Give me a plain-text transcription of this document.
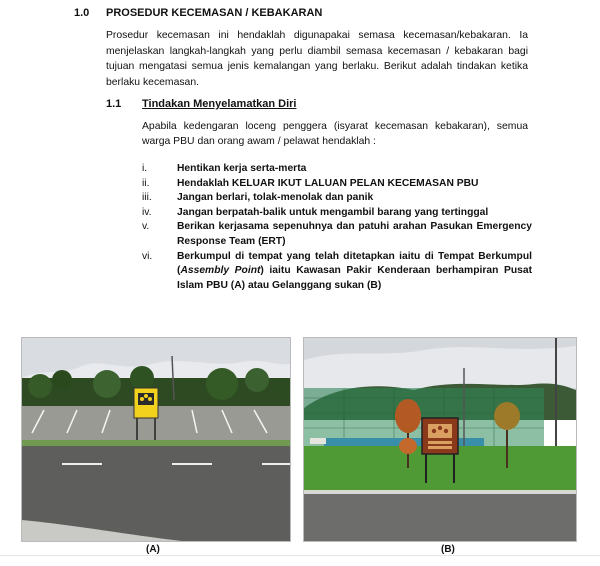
1.0 PROSEDUR KECEMASAN / KEBAKARAN

Prosedur kecemasan ini hendaklah digunapakai semasa kecemasan/kebakaran. Ia menjelaskan langkah-langkah yang perlu diambil semasa kecemasan / kebakaran bagi tujuan mengatasi semua jenis kemalangan yang berlaku. Berikut adalah tindakan ketika berlaku kecemasan.

1.1 Tindakan Menyelamatkan Diri

Apabila kedengaran loceng penggera (isyarat kecemasan kebakaran), semua warga PBU dan orang awam / pelawat hendaklah :

i.	Hentikan kerja serta-merta
ii.	Hendaklah KELUAR IKUT LALUAN PELAN KECEMASAN PBU
iii. Jangan berlari, tolak-menolak dan panik
iv. Jangan berpatah-balik untuk mengambil barang yang tertinggal
v.	Berikan kerjasama sepenuhnya dan patuhi arahan Pasukan Emergency Response Team (ERT)
vi. Berkumpul di tempat yang telah ditetapkan iaitu di Tempat Berkumpul (Assembly Point) iaitu Kawasan Pakir Kenderaan berhampiran Pusat Islam PBU (A) atau Gelanggang sukan (B)
(A)	(B)
